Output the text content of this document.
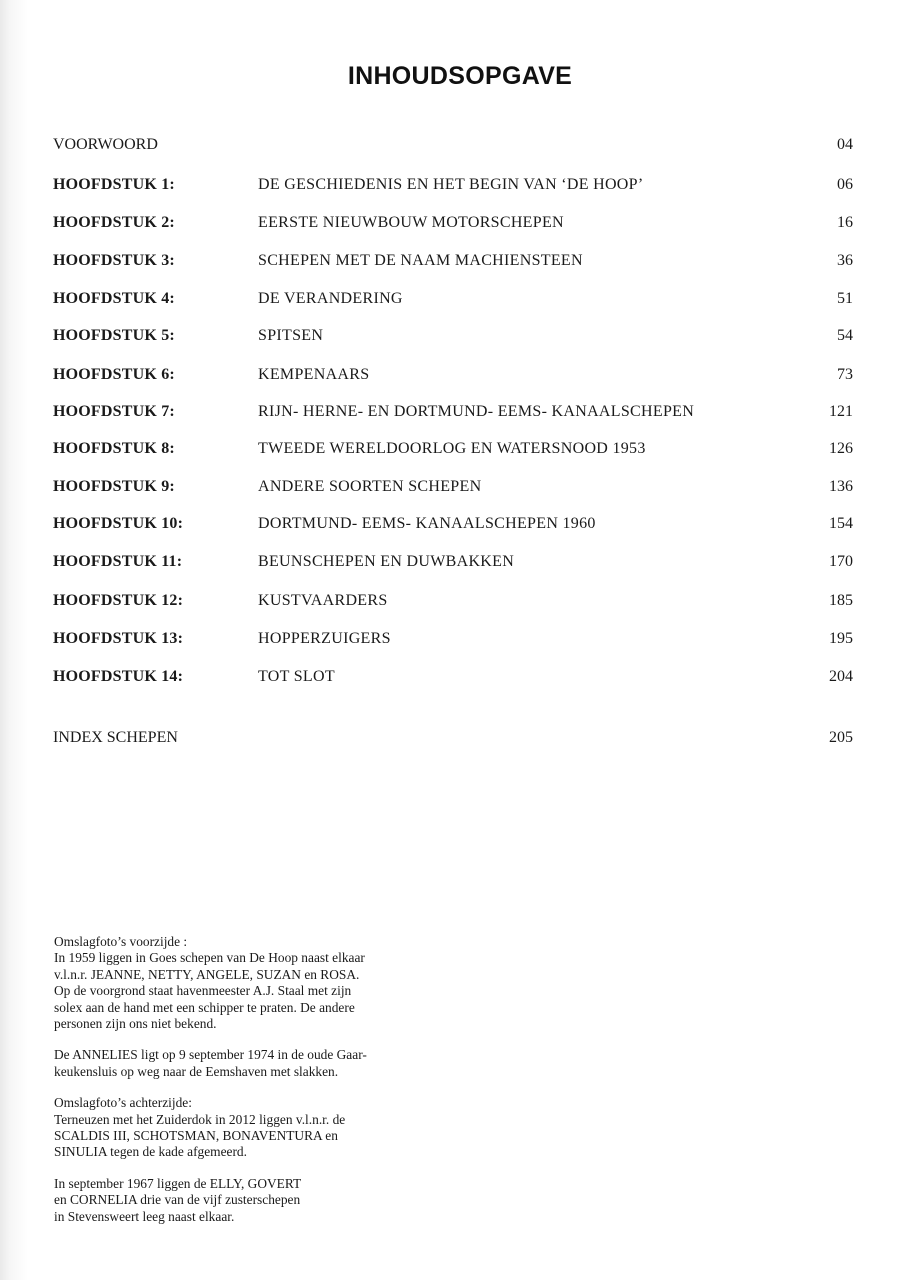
INHOUDSOPGAVE
VOORWOORD	04
HOOFDSTUK 1:	DE GESCHIEDENIS EN HET BEGIN VAN ‘DE HOOP’	06
HOOFDSTUK 2:	EERSTE NIEUWBOUW MOTORSCHEPEN	16
HOOFDSTUK 3:	SCHEPEN MET DE NAAM MACHIENSTEEN	36
HOOFDSTUK 4:	DE VERANDERING	51
HOOFDSTUK 5:	SPITSEN	54
HOOFDSTUK 6:	KEMPENAARS	73
HOOFDSTUK 7:	RIJN- HERNE- EN DORTMUND- EEMS- KANAALSCHEPEN	121
HOOFDSTUK 8:	TWEEDE WERELDOORLOG EN WATERSNOOD 1953	126
HOOFDSTUK 9:	ANDERE SOORTEN SCHEPEN	136
HOOFDSTUK 10:	DORTMUND- EEMS- KANAALSCHEPEN 1960	154
HOOFDSTUK 11:	BEUNSCHEPEN EN DUWBAKKEN	170
HOOFDSTUK 12:	KUSTVAARDERS	185
HOOFDSTUK 13:	HOPPERZUIGERS	195
HOOFDSTUK 14:	TOT SLOT	204
INDEX SCHEPEN	205
Omslagfoto’s voorzijde :
In 1959 liggen in Goes schepen van De Hoop naast elkaar
v.l.n.r. JEANNE, NETTY, ANGELE, SUZAN en ROSA.
Op de voorgrond staat havenmeester A.J. Staal met zijn
solex aan de hand met een schipper te praten. De andere
personen zijn ons niet bekend.
De ANNELIES ligt op 9 september 1974 in de oude Gaar-
keukensluis op weg naar de Eemshaven met slakken.
Omslagfoto’s achterzijde:
Terneuzen met het Zuiderdok in 2012 liggen v.l.n.r. de
SCALDIS III, SCHOTSMAN, BONAVENTURA en
SINULIA tegen de kade afgemeerd.
In september 1967 liggen de ELLY, GOVERT
en CORNELIA drie van de vijf zusterschepen
in Stevensweert leeg naast elkaar.
